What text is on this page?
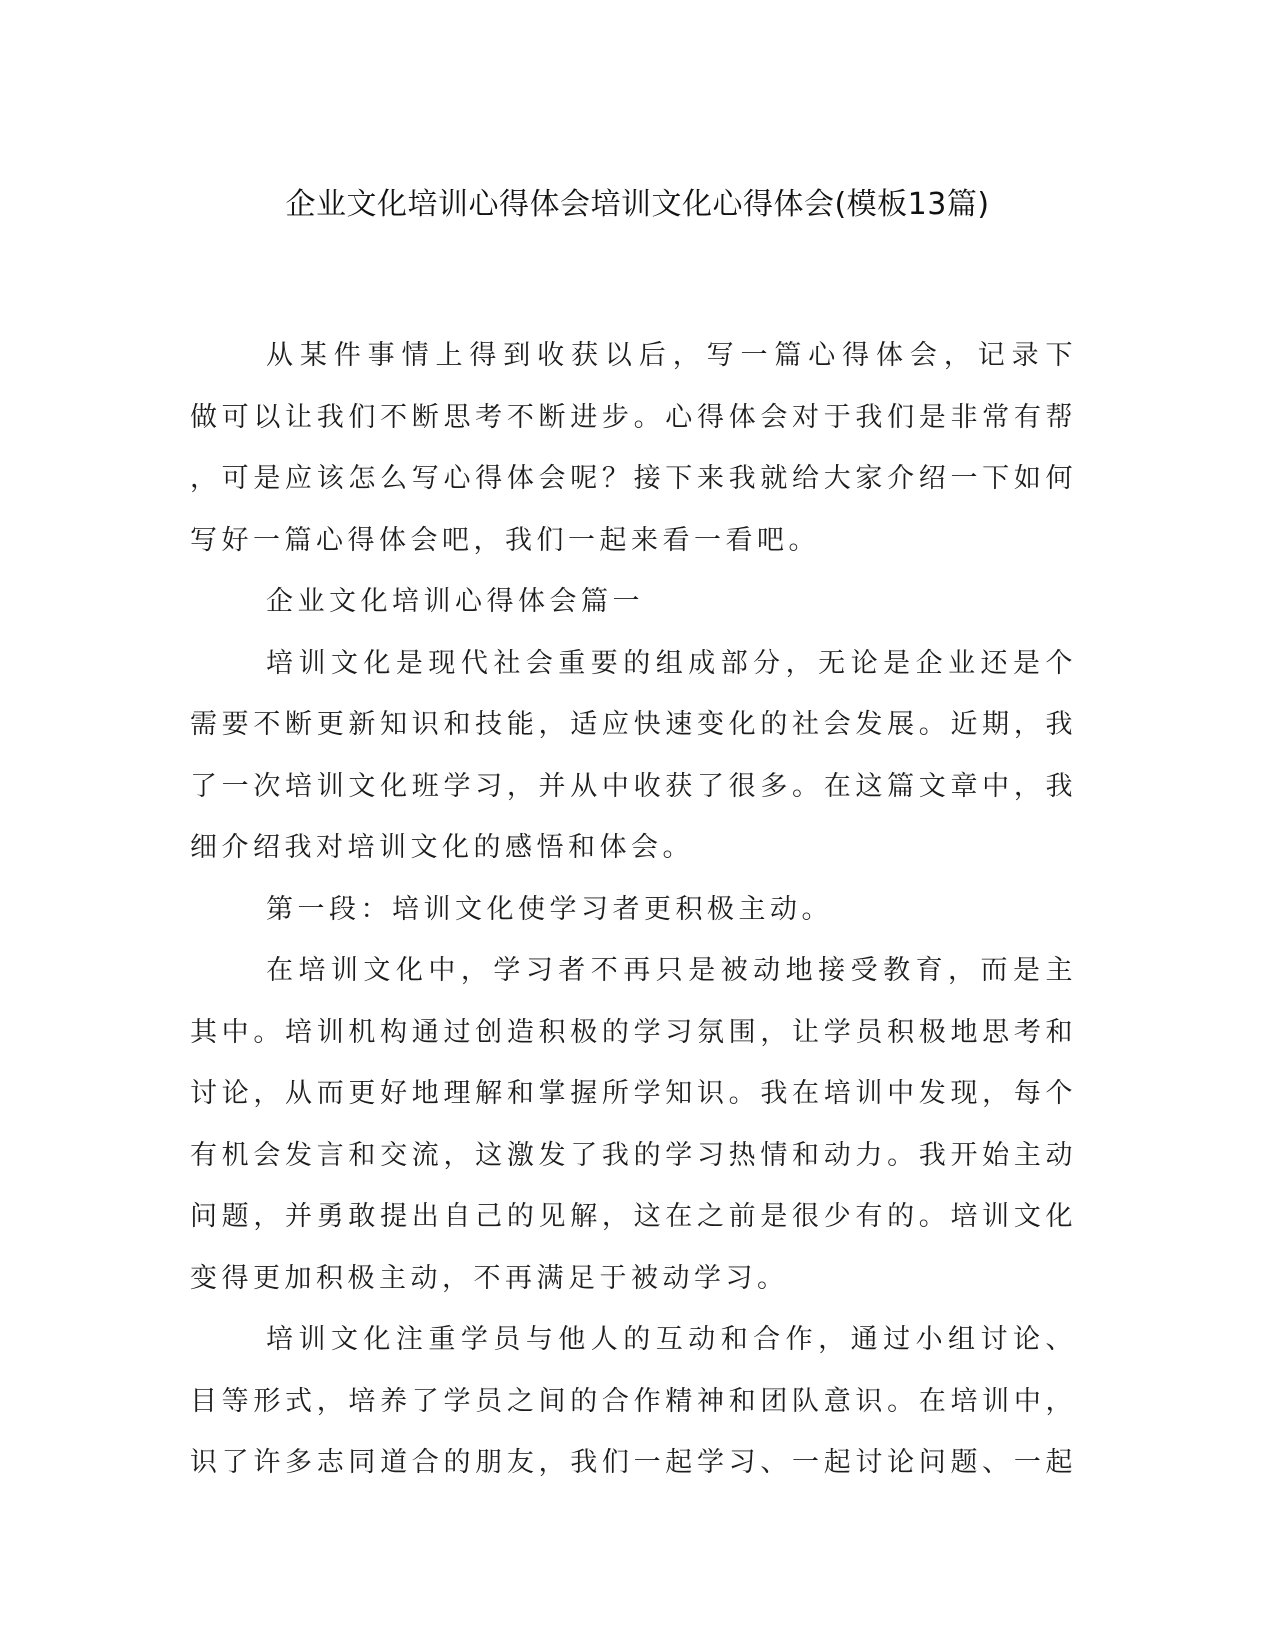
企业文化培训心得体会培训文化心得体会(模板13篇)
从某件事情上得到收获以后，写一篇心得体会，记录下
做可以让我们不断思考不断进步。心得体会对于我们是非常有帮
，可是应该怎么写心得体会呢？接下来我就给大家介绍一下如何
写好一篇心得体会吧，我们一起来看一看吧。
企业文化培训心得体会篇一
培训文化是现代社会重要的组成部分，无论是企业还是个
需要不断更新知识和技能，适应快速变化的社会发展。近期，我
了一次培训文化班学习，并从中收获了很多。在这篇文章中，我
细介绍我对培训文化的感悟和体会。
第一段：培训文化使学习者更积极主动。
在培训文化中，学习者不再只是被动地接受教育，而是主
其中。培训机构通过创造积极的学习氛围，让学员积极地思考和
讨论，从而更好地理解和掌握所学知识。我在培训中发现，每个
有机会发言和交流，这激发了我的学习热情和动力。我开始主动
问题，并勇敢提出自己的见解，这在之前是很少有的。培训文化
变得更加积极主动，不再满足于被动学习。
培训文化注重学员与他人的互动和合作，通过小组讨论、
目等形式，培养了学员之间的合作精神和团队意识。在培训中，
识了许多志同道合的朋友，我们一起学习、一起讨论问题、一起
